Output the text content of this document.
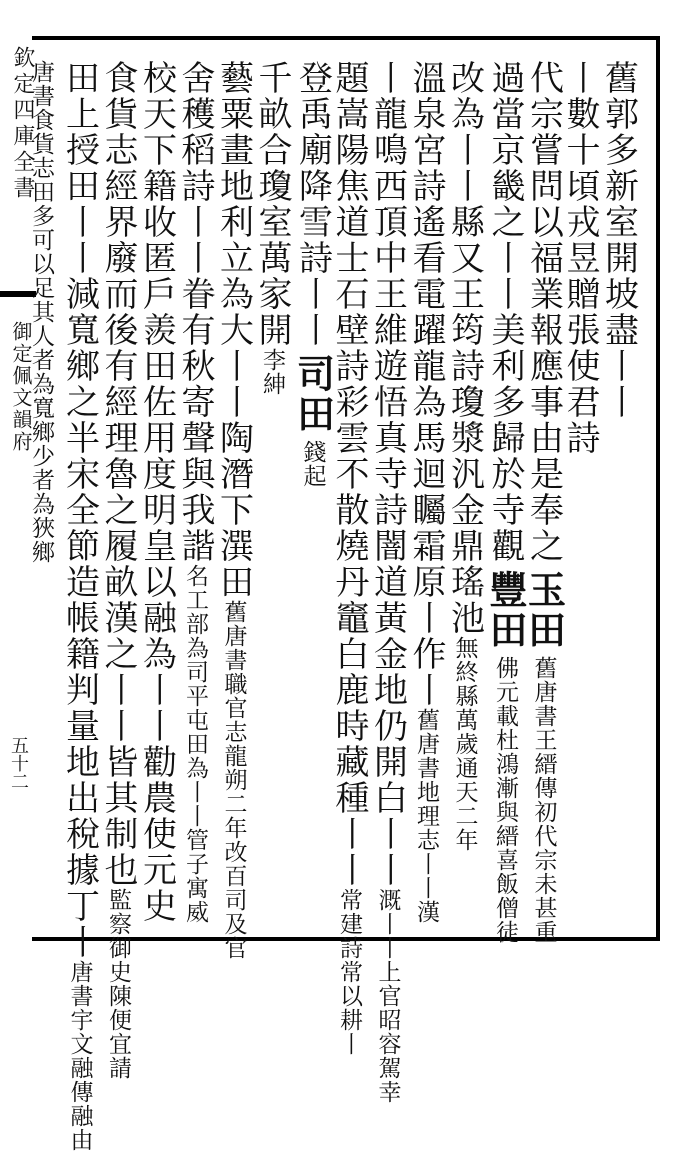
欽定四庫全書
御定佩文韻府
五十二
舊郭多新室開坡盡丨丨
丨數十頃戎昱贈張使君詩
代宗嘗問以福業報應事由是奉之玉田舊唐書王縉傳初代宗未甚重
過當京畿之丨丨美利多歸於寺觀豐田佛元載杜鴻漸與縉喜飯僧徒
改為丨丨縣又王筠詩瓊漿汎金鼎瑤池無終縣萬歲通天二年
溫泉宮詩遙看電躍龍為馬迴矚霜原丨作丨舊唐書地理志丨丨漢
丨龍鳴西頂中王維遊悟真寺詩闇道黃金地仍開白丨丨溉丨丨上官昭容駕幸
題嵩陽焦道士石壁詩彩雲不散燒丹竈白鹿時藏種丨丨常建詩常以耕丨
登禹廟降雪詩丨丨司田錢起
千畝合瓊室萬家開李紳
藝粟畫地利立為大丨丨陶潛下潠田舊唐書職官志龍朔二年改百司及官
舍穫稻詩丨丨眷有秋寄聲與我諧名工部為司平屯田為丨丨管子寓威
校天下籍收匿戶羨田佐用度明皇以融為丨丨勸農使元史
食貨志經界廢而後有經理魯之履畝漢之丨丨皆其制也監察御史陳便宜請
田上授田丨丨減寬鄉之半宋全節造帳籍判量地出稅據丁丨唐書宇文融傳融由
唐書食貨志田多可以足其人者為寬鄉少者為狹鄉
